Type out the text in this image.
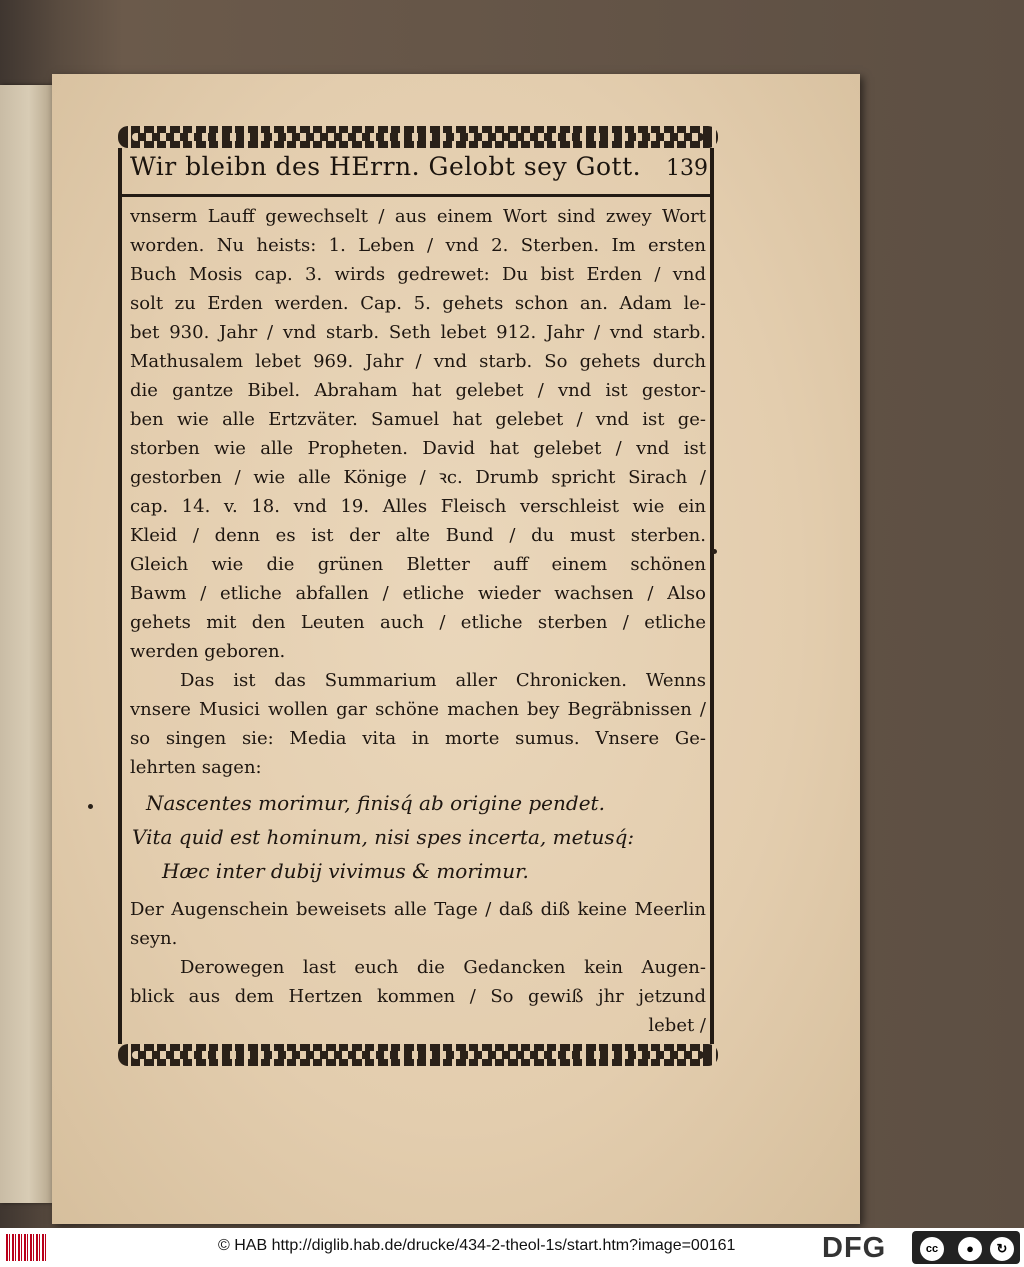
Wir bleibn des HErrn. Gelobt sey Gott.	139
vnserm Lauff gewechselt / aus einem Wort sind zwey Wort
worden. Nu heists: 1. Leben / vnd 2. Sterben. Im ersten
Buch Mosis cap. 3. wirds gedrewet: Du bist Erden / vnd
solt zu Erden werden. Cap. 5. gehets schon an. Adam le-
bet 930. Jahr / vnd starb. Seth lebet 912. Jahr / vnd starb.
Mathusalem lebet 969. Jahr / vnd starb. So gehets durch
die gantze Bibel. Abraham hat gelebet / vnd ist gestor-
ben wie alle Ertzväter. Samuel hat gelebet / vnd ist ge-
storben wie alle Propheten. David hat gelebet / vnd ist
gestorben / wie alle Könige / ꝛc. Drumb spricht Sirach /
cap. 14. v. 18. vnd 19. Alles Fleisch verschleist wie ein
Kleid / denn es ist der alte Bund / du must sterben.
Gleich wie die grünen Bletter auff einem schönen
Bawm / etliche abfallen / etliche wieder wachsen / Also
gehets mit den Leuten auch / etliche sterben / etliche
werden geboren.
Das ist das Summarium aller Chronicken. Wenns
vnsere Musici wollen gar schöne machen bey Begräbnissen /
so singen sie: Media vita in morte sumus. Vnsere Ge-
lehrten sagen:
Nascentes morimur, finisq́ ab origine pendet.
Vita quid est hominum, nisi spes incerta, metusq́:
Hæc inter dubij vivimus & morimur.
Der Augenschein beweisets alle Tage / daß diß keine Meerlin
seyn.
Derowegen last euch die Gedancken kein Augen-
blick aus dem Hertzen kommen / So gewiß jhr jetzund
lebet /
© HAB http://diglib.hab.de/drucke/434-2-theol-1s/start.htm?image=00161	DFG	cc	●	↻
BY	SA
